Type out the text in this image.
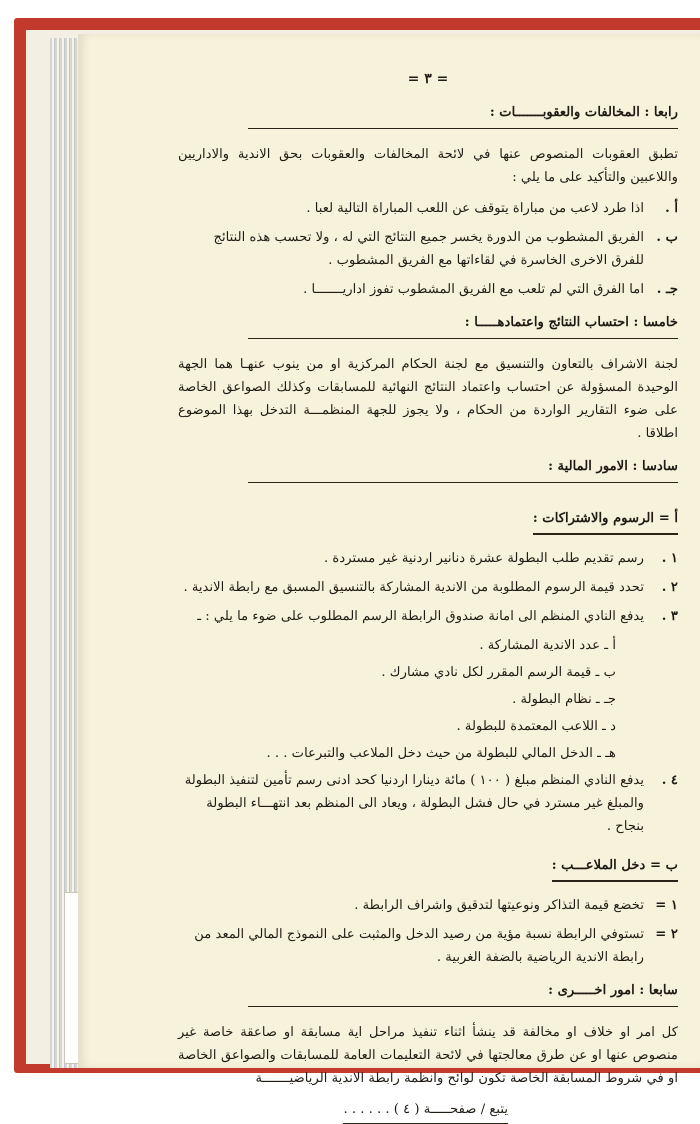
= ٣ =
رابعا : المخالفات والعقوبـــــــات :
تطبق العقوبات المنصوص عنها في لائحة المخالفات والعقوبات بحق الاندية والاداريين واللاعبين والتأكيد على ما يلي :
أ .
اذا طرد لاعب من مباراة يتوقف عن اللعب المباراة التالية لعبا .
ب .
الفريق المشطوب من الدورة يخسر جميع النتائج التي له ، ولا تحسب هذه النتائج للفرق الاخرى الخاسرة في لقاءاتها مع الفريق المشطوب .
جـ .
اما الفرق التي لم تلعب مع الفريق المشطوب تفوز اداريـــــــا .
خامسا : احتساب النتائج واعتمادهـــــا :
لجنة الاشراف بالتعاون والتنسيق مع لجنة الحكام المركزية او من ينوب عنهـا هما الجهة الوحيدة المسؤولة عن احتساب واعتماد النتائج النهائية للمسابقات وكذلك الصواعق الخاصة على ضوء التقارير الواردة من الحكام ، ولا يجوز للجهة المنظمـــة التدخل بهذا الموضوع اطلاقا .
سادسا : الامور المالية :
أ = الرسوم والاشتراكات :
١ .
رسم تقديم طلب البطولة عشرة دنانير اردنية غير مستردة .
٢ .
تحدد قيمة الرسوم المطلوبة من الاندية المشاركة بالتنسيق المسبق مع رابطة الاندية .
٣ .
يدفع النادي المنظم الى امانة صندوق الرابطة الرسم المطلوب على ضوء ما يلي : ـ
أ ـ عدد الاندية المشاركة .
ب ـ قيمة الرسم المقرر لكل نادي مشارك .
جـ ـ نظام البطولة .
د ـ اللاعب المعتمدة للبطولة .
هـ ـ الدخل المالي للبطولة من حيث دخل الملاعب والتبرعات . . .
٤ .
يدفع النادي المنظم مبلغ ( ١٠٠ ) مائة دينارا اردنيا كحد ادنى رسم تأمين لتنفيذ البطولة والمبلغ غير مسترد في حال فشل البطولة ، ويعاد الى المنظم بعد انتهـــاء البطولة بنجاح .
ب = دخل الملاعـــب :
١ =
تخضع قيمة التذاكر ونوعيتها لتدقيق واشراف الرابطة .
٢ =
تستوفي الرابطة نسبة مؤية من رصيد الدخل والمثبت على النموذج المالي المعد من رابطة الاندية الرياضية بالضفة الغربية .
سابعا : امور اخـــــرى :
كل امر او خلاف او مخالفة قد ينشأ اثناء تنفيذ مراحل اية مسابقة او صاعقة خاصة غير منصوص عنها او عن طرق معالجتها في لائحة التعليمات العامة للمسابقات والصواعق الخاصة او في شروط المسابقة الخاصة تكون لوائح وانظمة رابطة الاندية الرياضيـــــــة
يتبع / صفحـــــة ( ٤ ) . . . . . .
